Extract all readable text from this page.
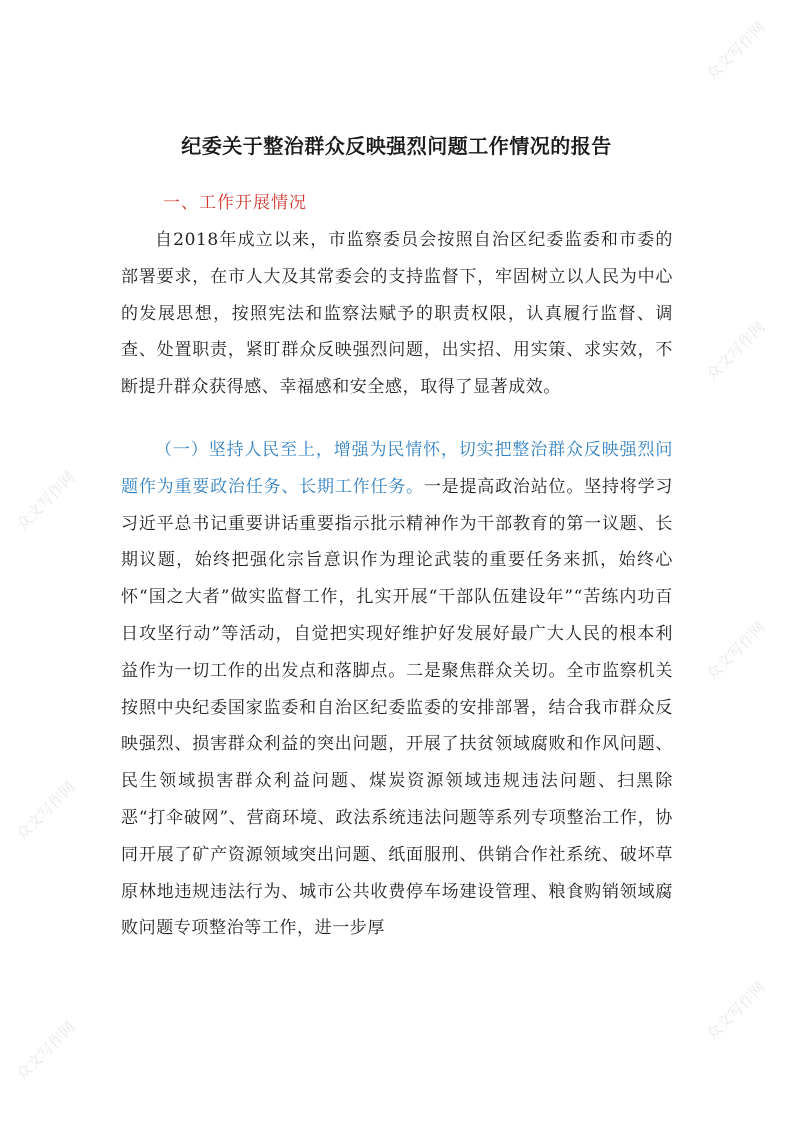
纪委关于整治群众反映强烈问题工作情况的报告
一、工作开展情况

自2018年成立以来，市监察委员会按照自治区纪委监委和市委的部署要求，在市人大及其常委会的支持监督下，牢固树立以人民为中心的发展思想，按照宪法和监察法赋予的职责权限，认真履行监督、调查、处置职责，紧盯群众反映强烈问题，出实招、用实策、求实效，不断提升群众获得感、幸福感和安全感，取得了显著成效。

（一）坚持人民至上，增强为民情怀，切实把整治群众反映强烈问题作为重要政治任务、长期工作任务。一是提高政治站位。坚持将学习习近平总书记重要讲话重要指示批示精神作为干部教育的第一议题、长期议题，始终把强化宗旨意识作为理论武装的重要任务来抓，始终心怀“国之大者”做实监督工作，扎实开展“干部队伍建设年”“苦练内功百日攻坚行动”等活动，自觉把实现好维护好发展好最广大人民的根本利益作为一切工作的出发点和落脚点。二是聚焦群众关切。全市监察机关按照中央纪委国家监委和自治区纪委监委的安排部署，结合我市群众反映强烈、损害群众利益的突出问题，开展了扶贫领域腐败和作风问题、民生领域损害群众利益问题、煤炭资源领域违规违法问题、扫黑除恶“打伞破网”、营商环境、政法系统违法问题等系列专项整治工作，协同开展了矿产资源领域突出问题、纸面服刑、供销合作社系统、破坏草原林地违规违法行为、城市公共收费停车场建设管理、粮食购销领域腐败问题专项整治等工作，进一步厚

众文写作网
众文写作网
众文写作网
众文写作网
众文写作网
众文写作网
众文写作网
